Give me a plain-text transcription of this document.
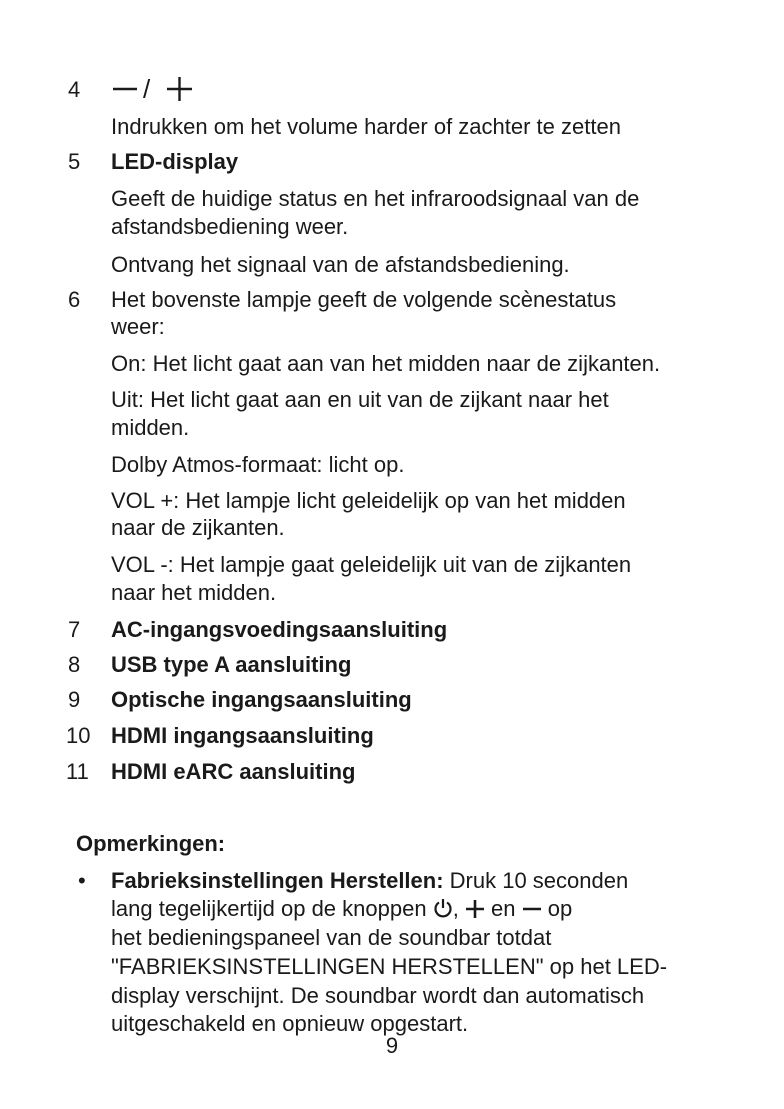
4	/
Indrukken om het volume harder of zachter te zetten
5	LED-display
Geeft de huidige status en het infraroodsignaal van de
afstandsbediening weer.
Ontvang het signaal van de afstandsbediening.
6	Het bovenste lampje geeft de volgende scènestatus
weer:
On: Het licht gaat aan van het midden naar de zijkanten.
Uit: Het licht gaat aan en uit van de zijkant naar het
midden.
Dolby Atmos-formaat: licht op.
VOL +: Het lampje licht geleidelijk op van het midden
naar de zijkanten.
VOL -: Het lampje gaat geleidelijk uit van de zijkanten
naar het midden.
7	AC-ingangsvoedingsaansluiting
8	USB type A aansluiting
9	Optische ingangsaansluiting
10 HDMI ingangsaansluiting
11	HDMI eARC aansluiting
Opmerkingen:
• Fabrieksinstellingen Herstellen: Druk 10 seconden
lang tegelijkertijd op de knoppen ,  en  op
het bedieningspaneel van de soundbar totdat
"FABRIEKSINSTELLINGEN HERSTELLEN" op het LED-
display verschijnt. De soundbar wordt dan automatisch
uitgeschakeld en opnieuw opgestart.
9
